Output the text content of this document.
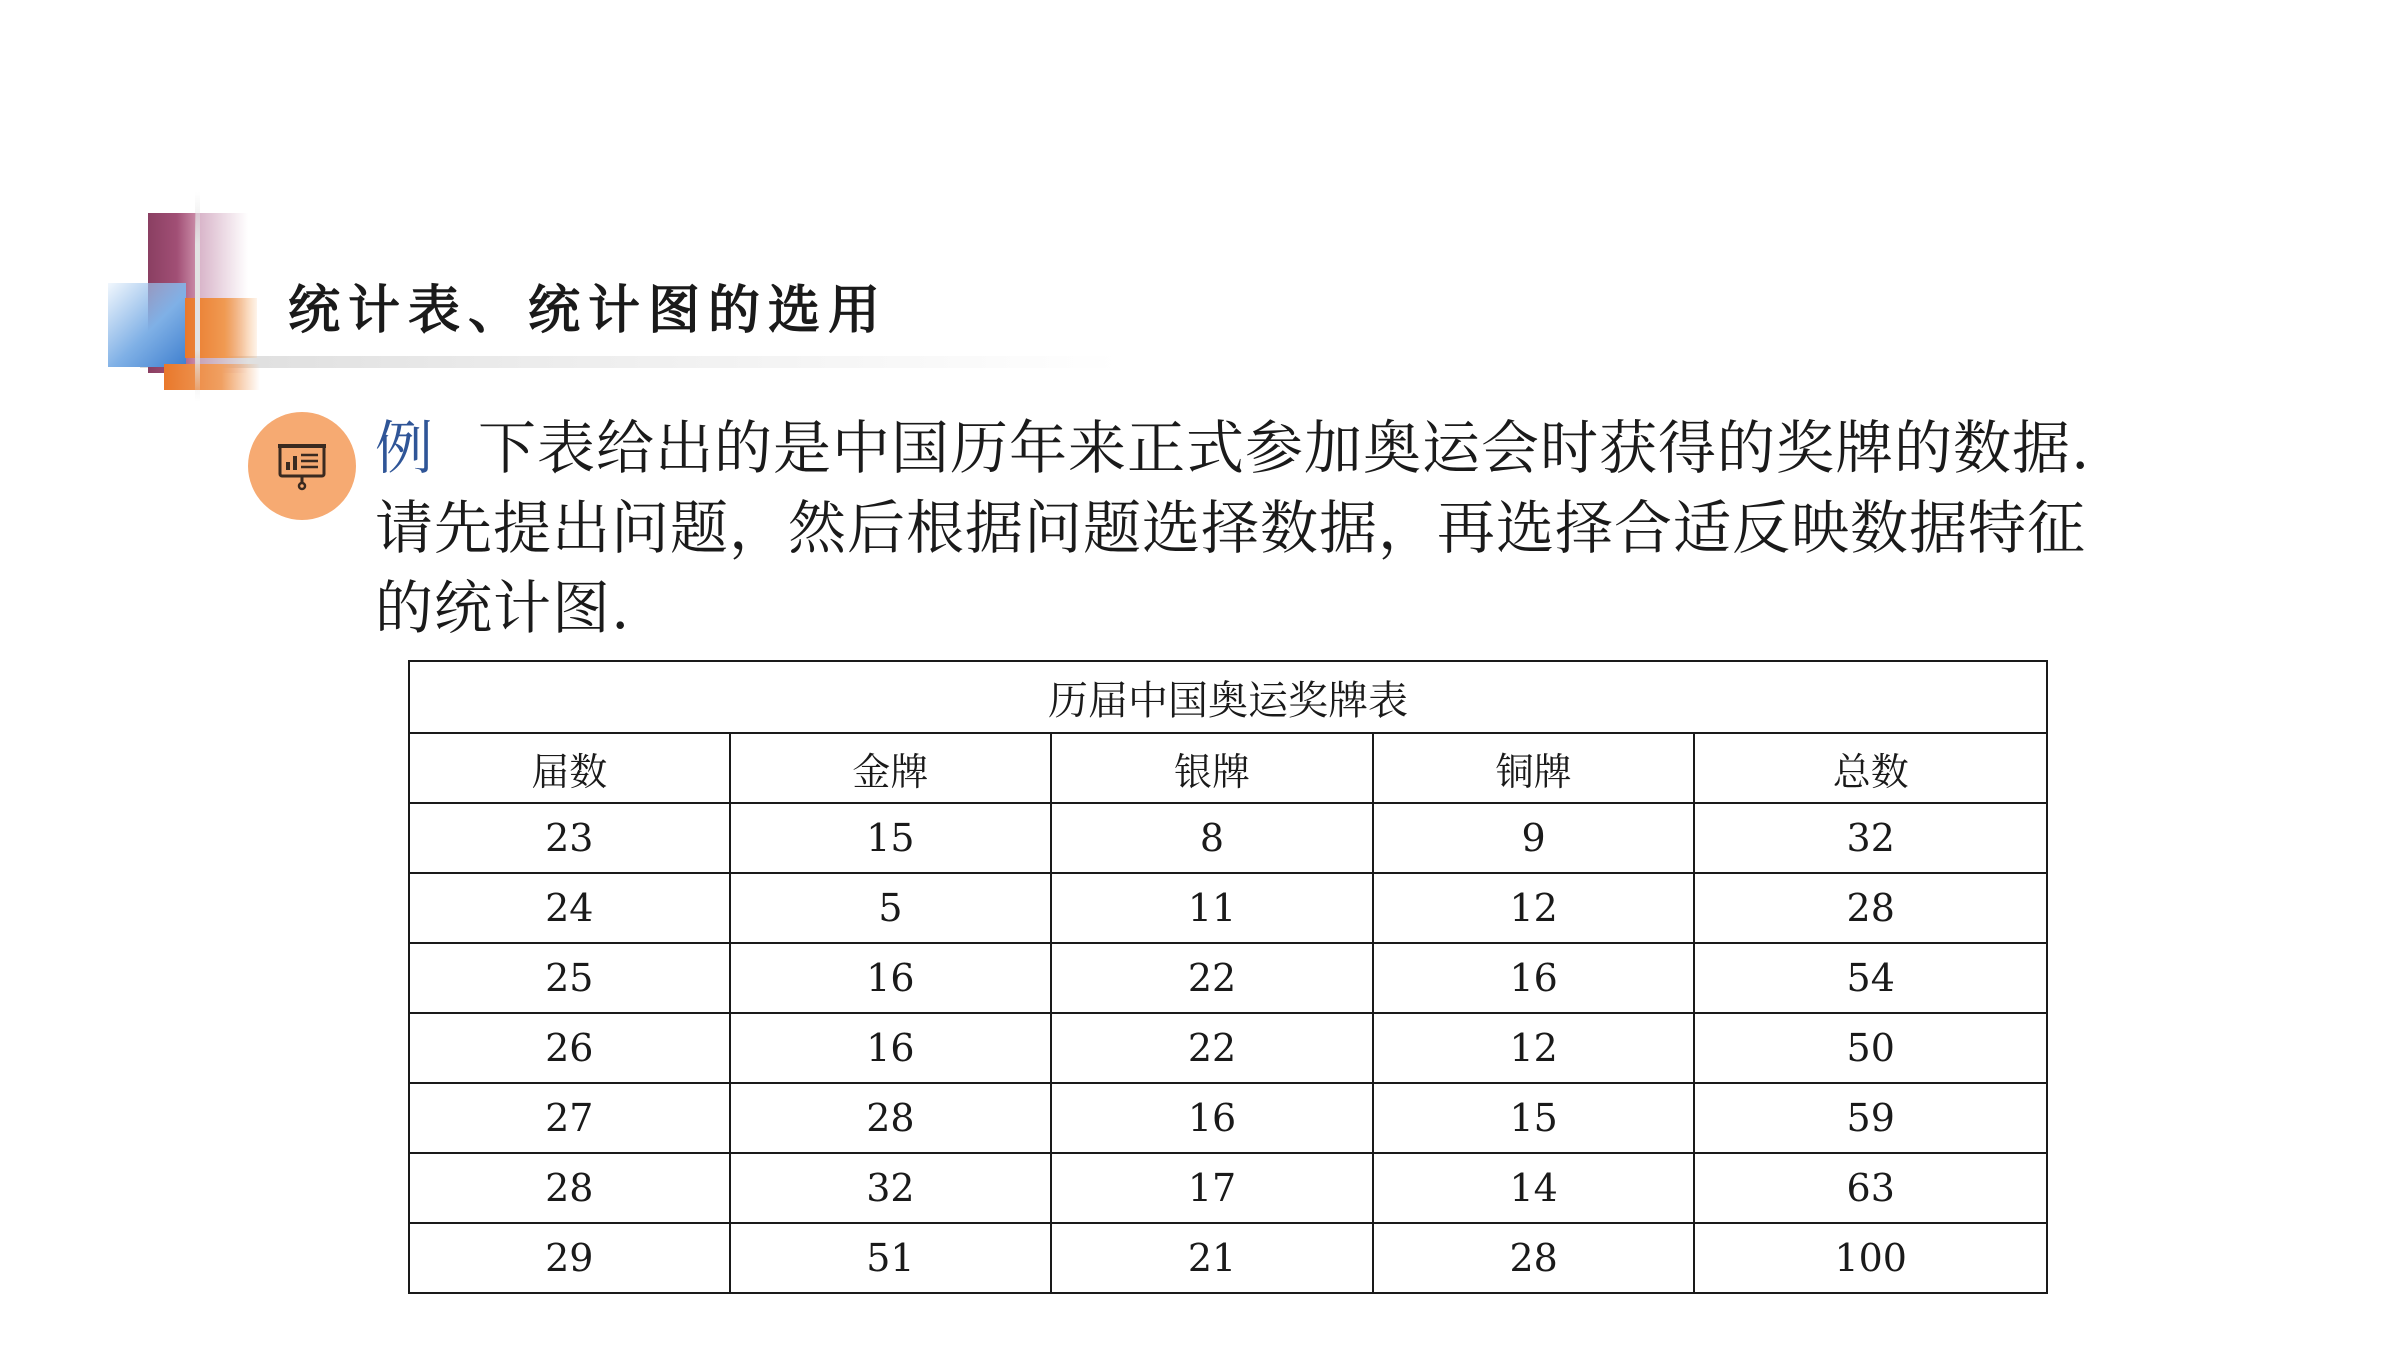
统计表、统计图的选用
例 下表给出的是中国历年来正式参加奥运会时获得的奖牌的数据.请先提出问题，然后根据问题选择数据，再选择合适反映数据特征的统计图.
历届中国奥运奖牌表				
届数	金牌	银牌	铜牌	总数
23	15	8	9	32
24	5	11	12	28
25	16	22	16	54
26	16	22	12	50
27	28	16	15	59
28	32	17	14	63
29	51	21	28	100
